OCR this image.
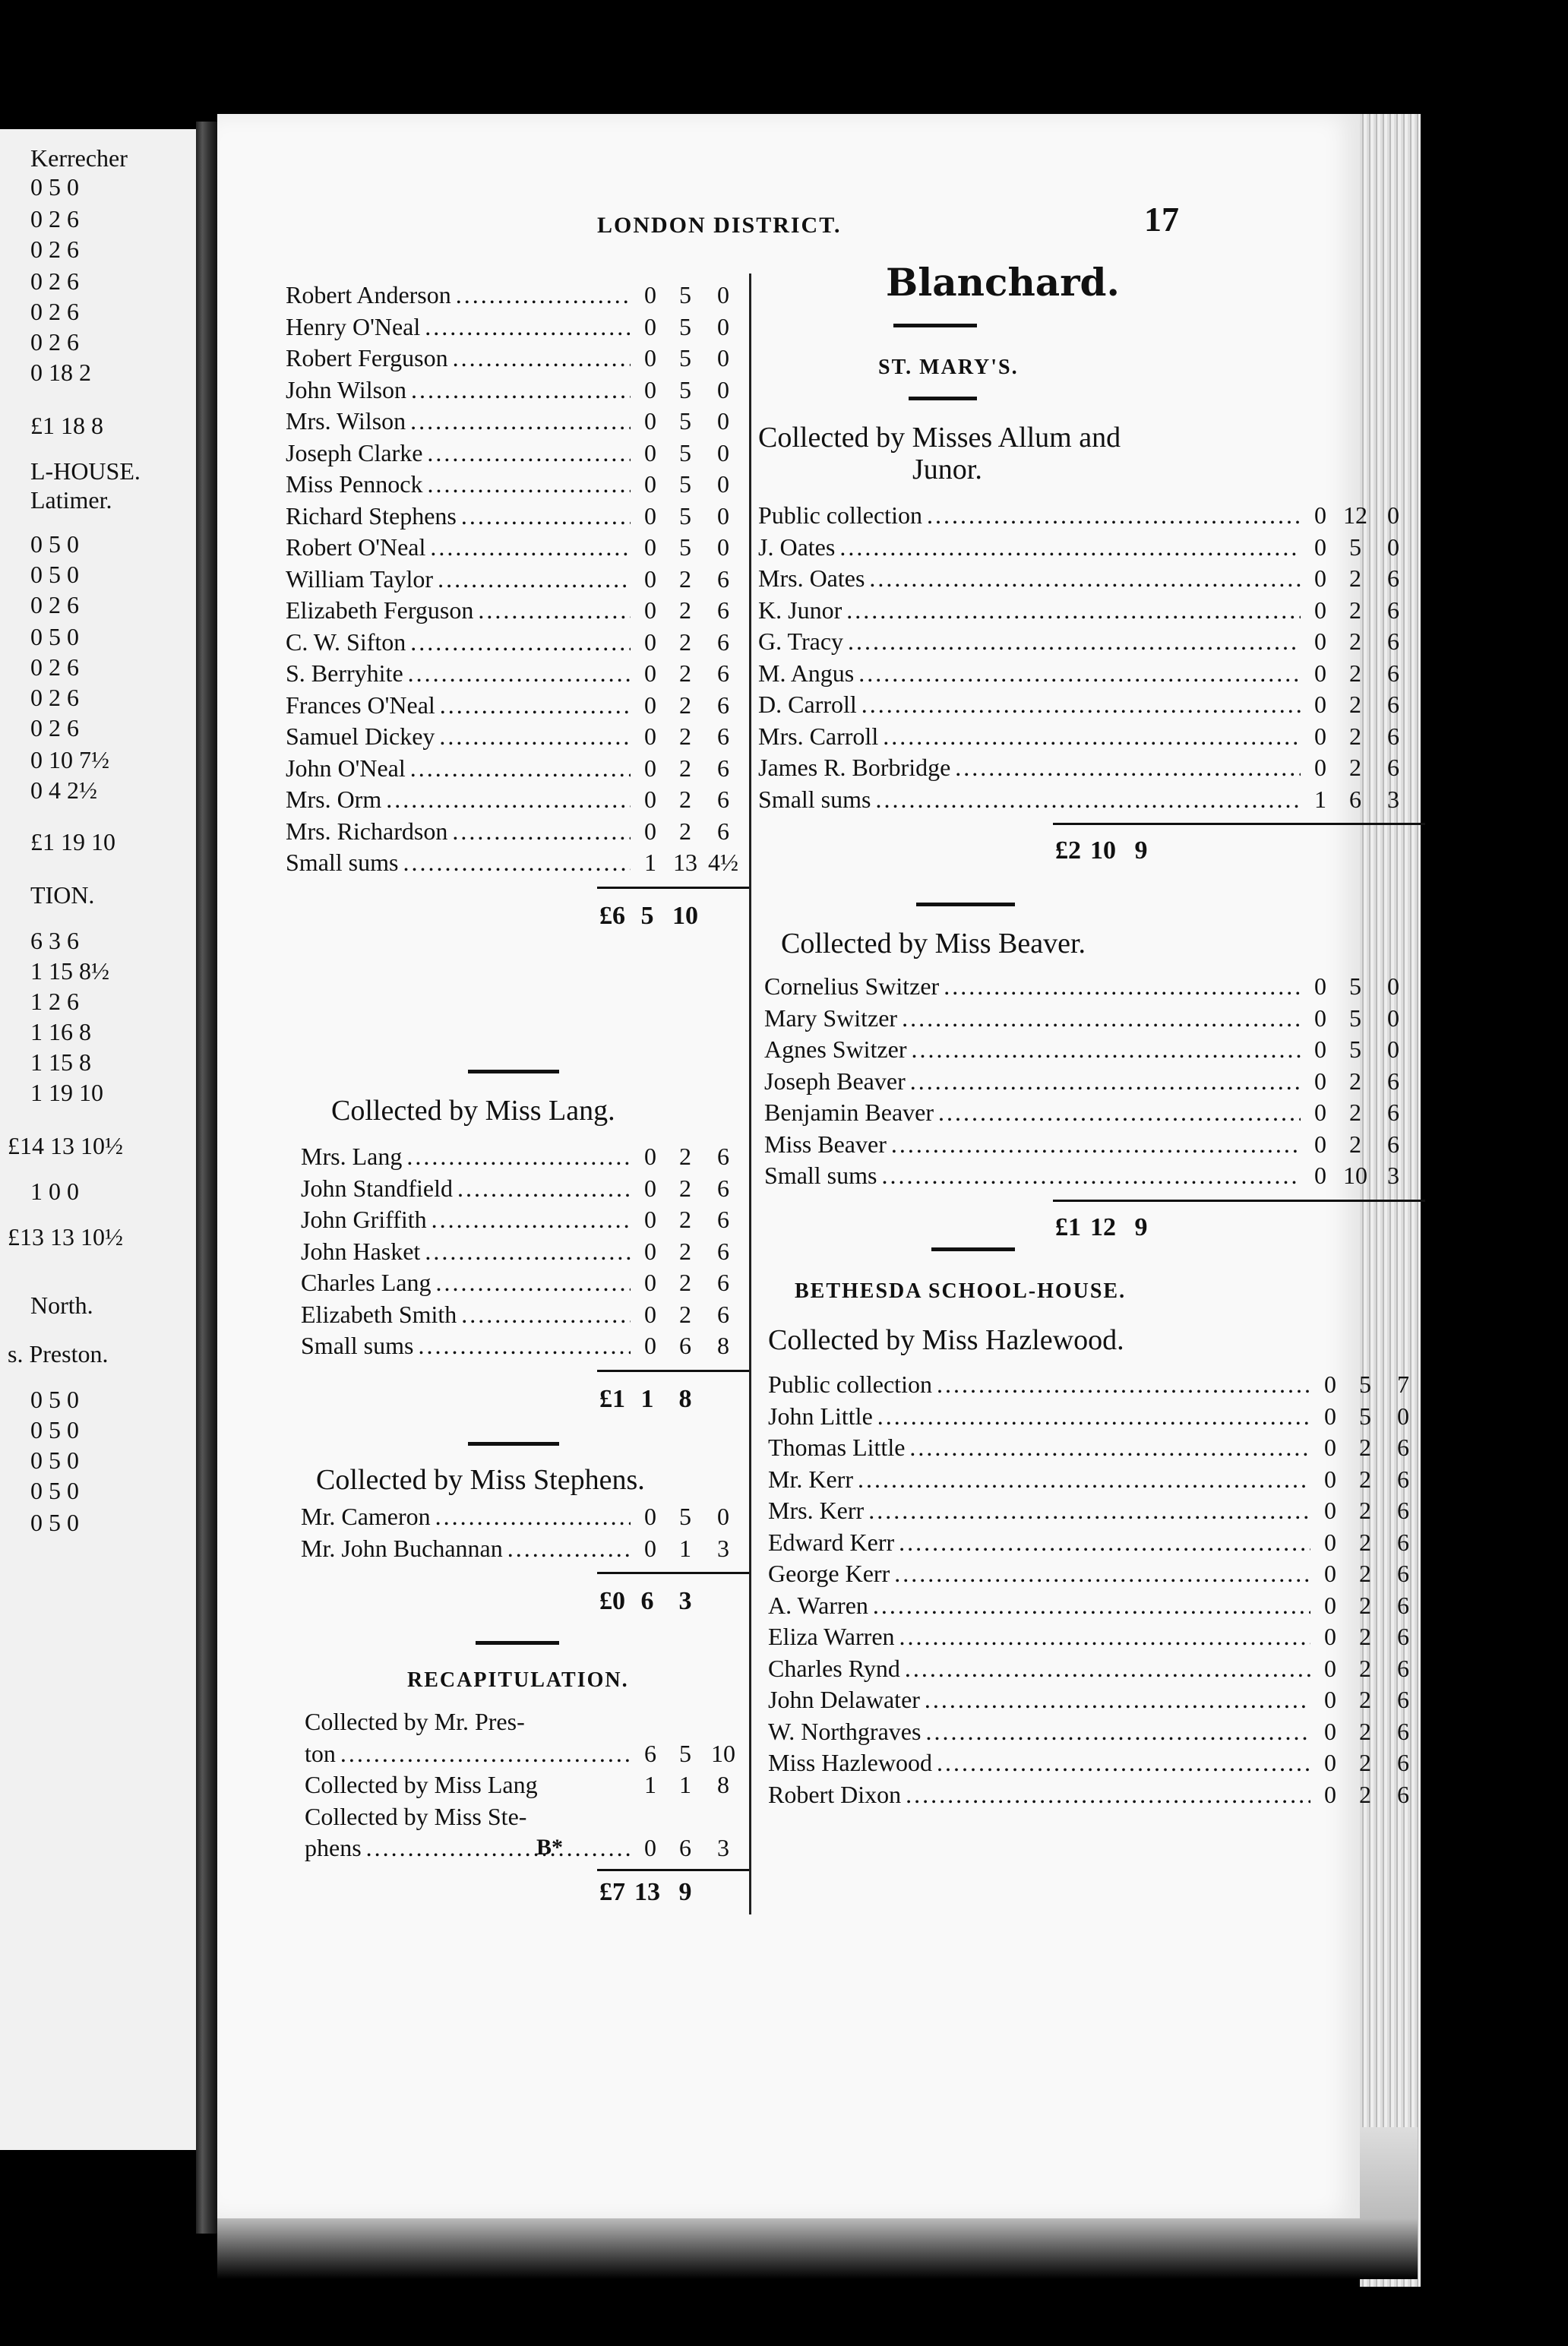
Kerrecher
0 5 0
0 2 6
0 2 6
0 2 6
0 2 6
0 2 6
0 18 2
£1 18 8
L-HOUSE.
Latimer.
0 5 0
0 5 0
0 2 6
0 5 0
0 2 6
0 2 6
0 2 6
0 10 7½
0 4 2½
£1 19 10
TION.
6 3 6
1 15 8½
1 2 6
1 16 8
1 15 8
1 19 10
£14 13 10½
1 0 0
£13 13 10½
North.
s. Preston.
0 5 0
0 5 0
0 5 0
0 5 0
0 5 0
LONDON DISTRICT.	17
B*
Robert Anderson .....	0 5	0
Henry O'Neal .....	0 5	0
Robert Ferguson .....	0 5	0
John Wilson .....	0 5	0
Mrs. Wilson .....	0 5	0
Joseph Clarke .....	0 5	0
Miss Pennock .....	0 5	0
Richard Stephens .....	0 5	0
Robert O'Neal .....	0 5	0
William Taylor .....	0 2	6
Elizabeth Ferguson .....	0 2	6
C. W. Sifton .....	0 2	6
S. Berryhite .....	0 2	6
Frances O'Neal .....	0 2	6
Samuel Dickey .....	0 2	6
John O'Neal .....	0 2	6
Mrs. Orm .....	0 2	6
Mrs. Richardson .....	0 2	6
Small sums .....	1 13 4½
£6 5 10
Collected by Miss Lang.
Mrs. Lang .....	0 2	6
John Standfield .....	0 2	6
John Griffith .....	0 2	6
John Hasket .....	0 2	6
Charles Lang .....	0 2	6
Elizabeth Smith .....	0 2	6
Small sums .....	0 6	8
£1 1 8
Collected by Miss Stephens.
Mr. Cameron .....	0 5	0
Mr. John Buchannan .....	0 1	3
£0 6 3
RECAPITULATION.
Collected by Mr. Pres-
ton .....	6 5 10
Collected by Miss Lang	1 1	8
Collected by Miss Ste-
phens .....	0 6	3
£7 13 9
Blanchard.
ST. MARY'S.
Collected by Misses Allum and
Junor.
Public collection .....	0 12 0
J. Oates .....	0 5	0
Mrs. Oates .....	0 2	6
K. Junor .....	0 2	6
G. Tracy .....	0 2	6
M. Angus .....	0 2	6
D. Carroll .....	0 2	6
Mrs. Carroll .....	0 2	6
James R. Borbridge .....	0 2	6
Small sums .....	1 6	3
£2 10 9
Collected by Miss Beaver.
Cornelius Switzer .....	0 5	0
Mary Switzer .....	0 5	0
Agnes Switzer .....	0 5	0
Joseph Beaver .....	0 2	6
Benjamin Beaver .....	0 2	6
Miss Beaver .....	0 2	6
Small sums .....	0 10 3
£1 12 9
BETHESDA SCHOOL-HOUSE.
Collected by Miss Hazlewood.
Public collection .....	0 5	7
John Little .....	0 5	0
Thomas Little .....	0 2	6
Mr. Kerr .....	0 2	6
Mrs. Kerr .....	0 2	6
Edward Kerr .....	0 2	6
George Kerr .....	0 2	6
A. Warren .....	0 2	6
Eliza Warren .....	0 2	6
Charles Rynd .....	0 2	6
John Delawater .....	0 2	6
W. Northgraves .....	0 2	6
Miss Hazlewood .....	0 2	6
Robert Dixon .....	0 2	6
